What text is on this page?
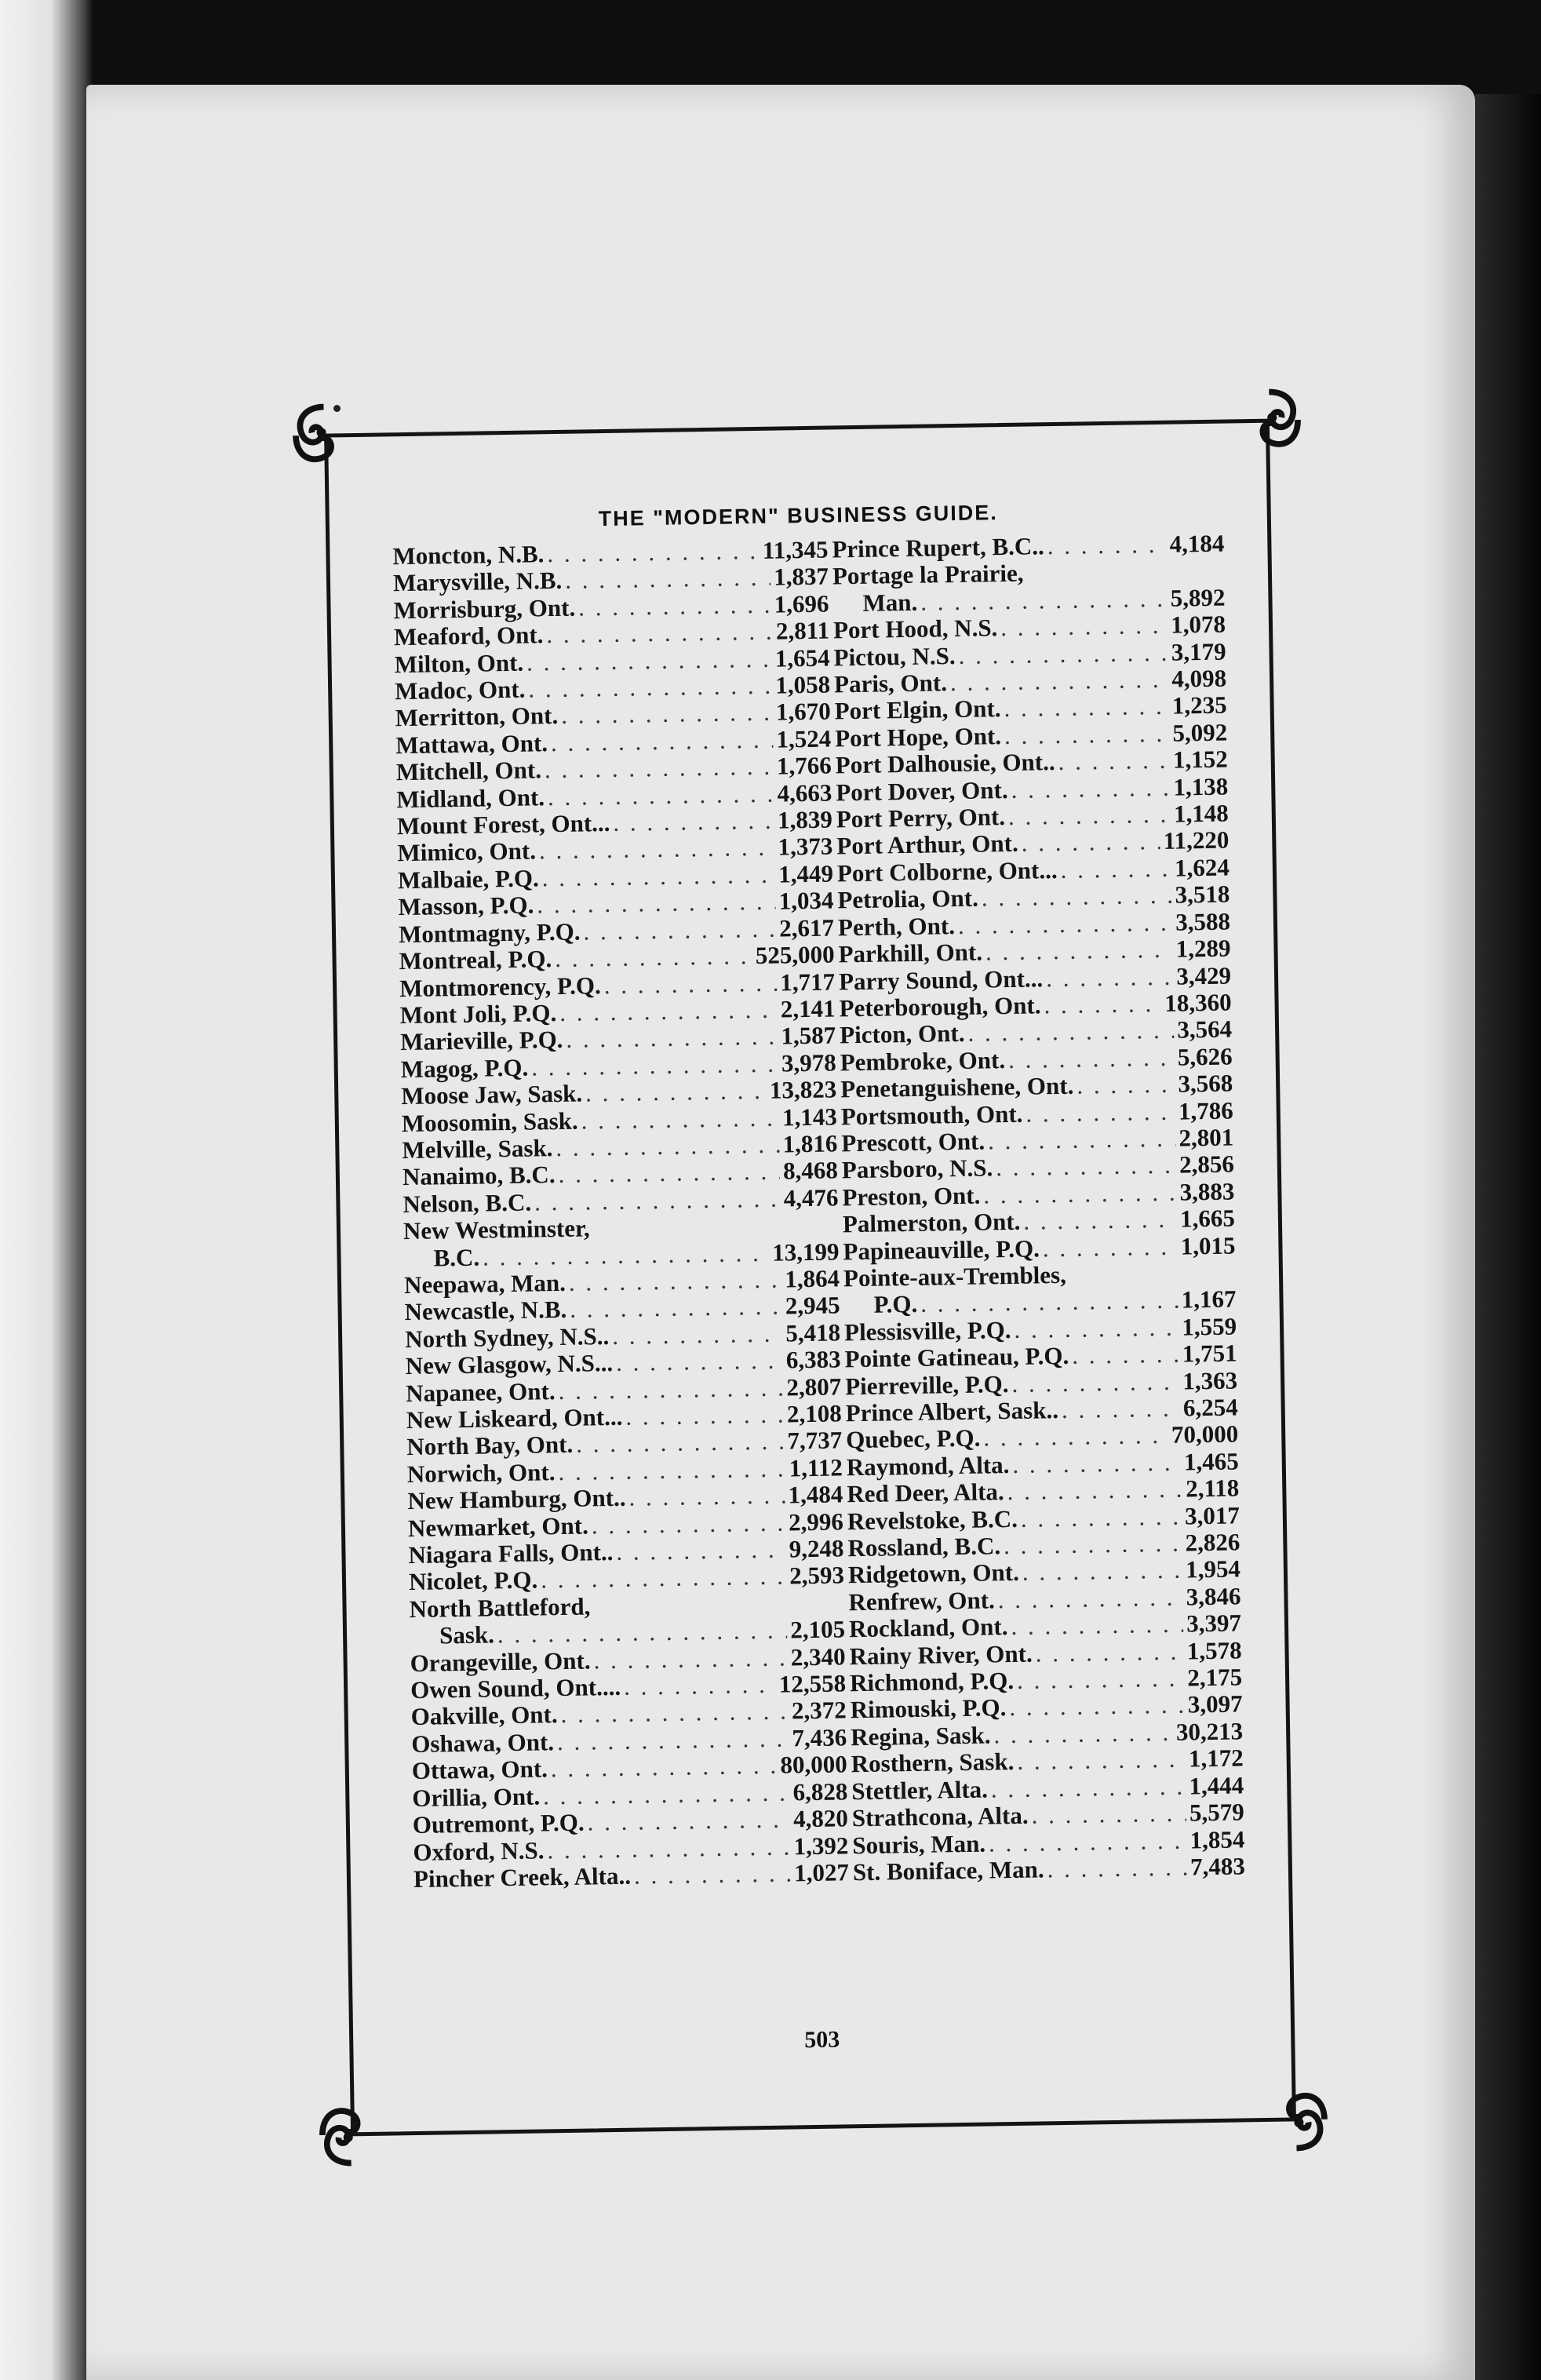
THE "MODERN" BUSINESS GUIDE.
Moncton, N.B. . . .	11,345
Marysville, N.B. . . .	1,837
Morrisburg, Ont. . . .	1,696
Meaford, Ont. . . .	2,811
Milton, Ont. . . .	1,654
Madoc, Ont. . . .	1,058
Merritton, Ont. . . .	1,670
Mattawa, Ont. . . .	1,524
Mitchell, Ont. . . .	1,766
Midland, Ont. . . .	4,663
Mount Forest, Ont... . . .	1,839
Mimico, Ont. . . .	1,373
Malbaie, P.Q. . . .	1,449
Masson, P.Q. . . .	1,034
Montmagny, P.Q. . . .	2,617
Montreal, P.Q. . . .	525,000
Montmorency, P.Q. . . .	1,717
Mont Joli, P.Q. . . .	2,141
Marieville, P.Q. . . .	1,587
Magog, P.Q. . . .	3,978
Moose Jaw, Sask. . . .	13,823
Moosomin, Sask. . . .	1,143
Melville, Sask. . . .	1,816
Nanaimo, B.C. . . .	8,468
Nelson, B.C. . . .	4,476
New Westminster,
B.C. . . .	13,199
Neepawa, Man. . . .	1,864
Newcastle, N.B. . . .	2,945
North Sydney, N.S.. . . .	5,418
New Glasgow, N.S... . . .	6,383
Napanee, Ont. . . .	2,807
New Liskeard, Ont... . . .	2,108
North Bay, Ont. . . .	7,737
Norwich, Ont. . . .	1,112
New Hamburg, Ont.. . . .	1,484
Newmarket, Ont. . . .	2,996
Niagara Falls, Ont.. . . .	9,248
Nicolet, P.Q. . . .	2,593
North Battleford,
Sask. . . .	2,105
Orangeville, Ont. . . .	2,340
Owen Sound, Ont.... . . .	12,558
Oakville, Ont. . . .	2,372
Oshawa, Ont. . . .	7,436
Ottawa, Ont. . . .	80,000
Orillia, Ont. . . .	6,828
Outremont, P.Q. . . .	4,820
Oxford, N.S. . . .	1,392
Pincher Creek, Alta.. . . .	1,027
Prince Rupert, B.C.. . . .	4,184
Portage la Prairie,
Man. . . .	5,892
Port Hood, N.S. . . .	1,078
Pictou, N.S. . . .	3,179
Paris, Ont. . . .	4,098
Port Elgin, Ont. . . .	1,235
Port Hope, Ont. . . .	5,092
Port Dalhousie, Ont.. . . .	1,152
Port Dover, Ont. . . .	1,138
Port Perry, Ont. . . .	1,148
Port Arthur, Ont. . . .	11,220
Port Colborne, Ont... . . .	1,624
Petrolia, Ont. . . .	3,518
Perth, Ont. . . .	3,588
Parkhill, Ont. . . .	1,289
Parry Sound, Ont... . . .	3,429
Peterborough, Ont. . . .	18,360
Picton, Ont. . . .	3,564
Pembroke, Ont. . . .	5,626
Penetanguishene, Ont. . . .	3,568
Portsmouth, Ont. . . .	1,786
Prescott, Ont. . . .	2,801
Parsboro, N.S. . . .	2,856
Preston, Ont. . . .	3,883
Palmerston, Ont. . . .	1,665
Papineauville, P.Q. . . .	1,015
Pointe-aux-Trembles,
P.Q. . . .	1,167
Plessisville, P.Q. . . .	1,559
Pointe Gatineau, P.Q. . . .	1,751
Pierreville, P.Q. . . .	1,363
Prince Albert, Sask.. . . .	6,254
Quebec, P.Q. . . .	70,000
Raymond, Alta. . . .	1,465
Red Deer, Alta. . . .	2,118
Revelstoke, B.C. . . .	3,017
Rossland, B.C. . . .	2,826
Ridgetown, Ont. . . .	1,954
Renfrew, Ont. . . .	3,846
Rockland, Ont. . . .	3,397
Rainy River, Ont. . . .	1,578
Richmond, P.Q. . . .	2,175
Rimouski, P.Q. . . .	3,097
Regina, Sask. . . .	30,213
Rosthern, Sask. . . .	1,172
Stettler, Alta. . . .	1,444
Strathcona, Alta. . . .	5,579
Souris, Man. . . .	1,854
St. Boniface, Man. . . .	7,483
503
